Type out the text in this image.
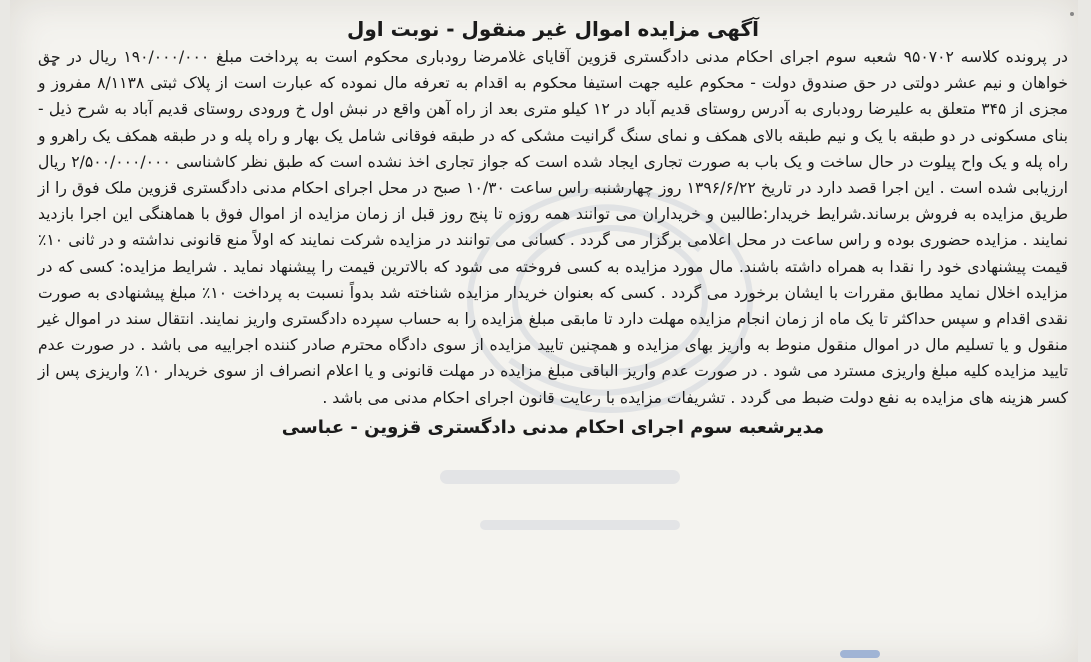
آگهی مزایده اموال غیر منقول - نوبت اول

در پرونده کلاسه ۹۵۰۷۰۲ شعبه سوم اجرای احکام مدنی دادگستری قزوین آقایای غلامرضا رودباری محکوم است به پرداخت مبلغ ۱۹۰/۰۰۰/۰۰۰ ریال در حق خواهان و نیم عشر دولتی در حق صندوق دولت - محکوم علیه جهت استیفا محکوم به اقدام به تعرفه مال نموده که عبارت است از پلاک ثبتی ۸/۱۱۳۸ مفروز و مجزی از ۳۴۵ متعلق به علیرضا رودباری به آدرس روستای قدیم آباد در ۱۲ کیلو متری بعد از راه آهن واقع در نبش اول خ ورودی روستای قدیم آباد به شرح ذیل - بنای مسکونی در دو طبقه با یک و نیم طبقه بالای همکف و نمای سنگ گرانیت مشکی که در طبقه فوقانی شامل یک بهار و راه پله و در طبقه همکف یک راهرو و راه پله و یک واح پیلوت در حال ساخت و یک باب به صورت تجاری ایجاد شده است که جواز تجاری اخذ نشده است که طبق نظر کاشناسی ۲/۵۰۰/۰۰۰/۰۰۰ ریال ارزیابی شده است . این اجرا قصد دارد در تاریخ ۱۳۹۶/۶/۲۲ روز چهارشنبه راس ساعت ۱۰/۳۰ صبح در محل اجرای احکام مدنی دادگستری قزوین ملک فوق را از طریق مزایده به فروش برساند.شرایط خریدار:طالبین و خریداران می توانند همه روزه تا پنج روز قبل از زمان مزایده از اموال فوق با هماهنگی این اجرا بازدید نمایند . مزایده حضوری بوده و راس ساعت در محل اعلامی برگزار می گردد . کسانی می توانند در مزایده شرکت نمایند که اولاً منع قانونی نداشته و در ثانی ۱۰٪ قیمت پیشنهادی خود را نقدا به همراه داشته باشند. مال مورد مزایده به کسی فروخته می شود که بالاترین قیمت را پیشنهاد نماید . شرایط مزایده: کسی که در مزایده اخلال نماید مطابق مقررات با ایشان برخورد می گردد . کسی که بعنوان خریدار مزایده شناخته شد بدواً نسبت به پرداخت ۱۰٪ مبلغ پیشنهادی به صورت نقدی اقدام و سپس حداکثر تا یک ماه از زمان انجام مزایده مهلت دارد تا مابقی مبلغ مزایده را به حساب سپرده دادگستری واریز نمایند. انتقال سند در اموال غیر منقول و یا تسلیم مال در اموال منقول منوط به واریز بهای مزایده و همچنین تایید مزایده از سوی دادگاه محترم صادر کننده اجراییه می باشد . در صورت عدم تایید مزایده کلیه مبلغ واریزی مسترد می شود . در صورت عدم واریز الباقی مبلغ مزایده در مهلت قانونی و یا اعلام انصراف از سوی خریدار ۱۰٪ واریزی پس از کسر هزینه های مزایده به نفع دولت ضبط می گردد . تشریفات مزایده با رعایت قانون اجرای احکام مدنی می باشد .

مدیرشعبه سوم اجرای احکام مدنی دادگستری قزوین - عباسی
